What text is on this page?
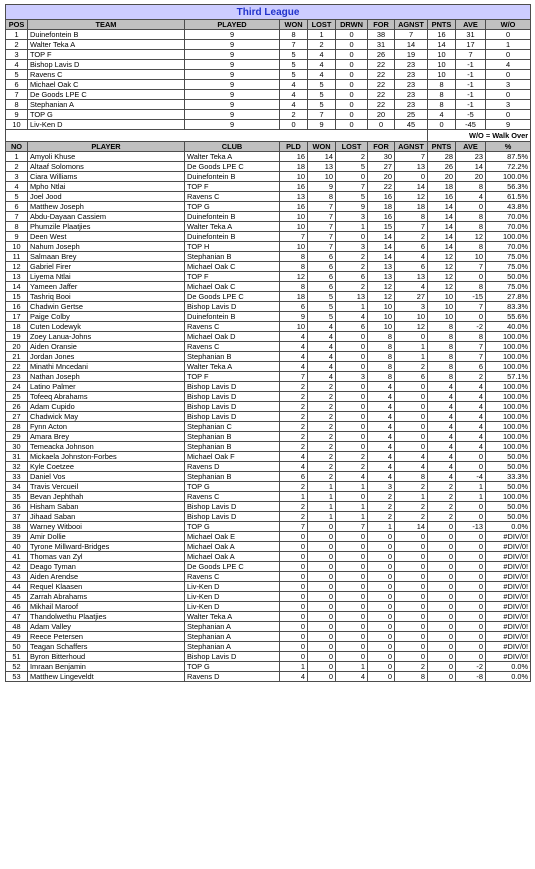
Third League										
POS	TEAM	PLAYED	WON	LOST	DRWN	FOR	AGNST	PNTS	AVE	W/O
1	Duinefontein B	9	8	1	0	38	7	16	31	0
2	Walter Teka A	9	7	2	0	31	14	14	17	1
3	TOP F	9	5	4	0	26	19	10	7	0
4	Bishop Lavis D	9	5	4	0	22	23	10	-1	4
5	Ravens C	9	5	4	0	22	23	10	-1	0
6	Michael Oak C	9	4	5	0	22	23	8	-1	3
7	De Goods LPE C	9	4	5	0	22	23	8	-1	0
8	Stephanian A	9	4	5	0	22	23	8	-1	3
9	TOP G	9	2	7	0	20	25	4	-5	0
10	Liv-Ken D	9	0	9	0	0	45	0	-45	9
								W/O = Walk Over		
NO	PLAYER	CLUB	PLD	WON	LOST	FOR	AGNST	PNTS	AVE	%
1	Amyoli Khuse	Walter Teka A	16	14	2	30	7	28	23	87.5%
2	Altaaf Solomons	De Goods LPE C	18	13	5	27	13	26	14	72.2%
3	Ciara Williams	Duinefontein B	10	10	0	20	0	20	20	100.0%
4	Mpho Ntlai	TOP F	16	9	7	22	14	18	8	56.3%
5	Joel Jood	Ravens C	13	8	5	16	12	16	4	61.5%
6	Matthew Joseph	TOP G	16	7	9	18	18	14	0	43.8%
7	Abdu-Dayaan Cassiem	Duinefontein B	10	7	3	16	8	14	8	70.0%
8	Phumzile Plaatjies	Walter Teka A	10	7	1	15	7	14	8	70.0%
9	Deen West	Duinefontein B	7	7	0	14	2	14	12	100.0%
10	Nahum Joseph	TOP H	10	7	3	14	6	14	8	70.0%
11	Salmaan Brey	Stephanian B	8	6	2	14	4	12	10	75.0%
12	Gabriel Firer	Michael Oak C	8	6	2	13	6	12	7	75.0%
13	Liyema Ntlai	TOP F	12	6	6	13	13	12	0	50.0%
14	Yameen Jaffer	Michael Oak C	8	6	2	12	4	12	8	75.0%
15	Tashriq Booi	De Goods LPE C	18	5	13	12	27	10	-15	27.8%
16	Chadwin Gertse	Bishop Lavis D	6	5	1	10	3	10	7	83.3%
17	Paige Colby	Duinefontein B	9	5	4	10	10	10	0	55.6%
18	Cuten Lodewyk	Ravens C	10	4	6	10	12	8	-2	40.0%
19	Zoey Lanua-Johns	Michael Oak D	4	4	0	8	0	8	8	100.0%
20	Aiden Oransie	Ravens C	4	4	0	8	1	8	7	100.0%
21	Jordan Jones	Stephanian B	4	4	0	8	1	8	7	100.0%
22	Minathi Mncedani	Walter Teka A	4	4	0	8	2	8	6	100.0%
23	Nathan Joseph	TOP F	7	4	3	8	6	8	2	57.1%
24	Latino Palmer	Bishop Lavis D	2	2	0	4	0	4	4	100.0%
25	Tofeeq Abrahams	Bishop Lavis D	2	2	0	4	0	4	4	100.0%
26	Adam Cupido	Bishop Lavis D	2	2	0	4	0	4	4	100.0%
27	Chadwick May	Bishop Lavis D	2	2	0	4	0	4	4	100.0%
28	Fynn Acton	Stephanian C	2	2	0	4	0	4	4	100.0%
29	Amara Brey	Stephanian B	2	2	0	4	0	4	4	100.0%
30	Temeacka Johnson	Stephanian B	2	2	0	4	0	4	4	100.0%
31	Mickaela Johnston-Forbes	Michael Oak F	4	2	2	4	4	4	0	50.0%
32	Kyle Coetzee	Ravens D	4	2	2	4	4	4	0	50.0%
33	Daniel Vos	Stephanian B	6	2	4	4	8	4	-4	33.3%
34	Travis Vercueil	TOP G	2	1	1	3	2	2	1	50.0%
35	Bevan Jephthah	Ravens C	1	1	0	2	1	2	1	100.0%
36	Hisham Saban	Bishop Lavis D	2	1	1	2	2	2	0	50.0%
37	Jihaad Saban	Bishop Lavis D	2	1	1	2	2	2	0	50.0%
38	Warney Witbooi	TOP G	7	0	7	1	14	0	-13	0.0%
39	Amir Dollie	Michael Oak E	0	0	0	0	0	0	0	#DIV/0!
40	Tyrone Millward-Bridges	Michael Oak A	0	0	0	0	0	0	0	#DIV/0!
41	Thomas van Zyl	Michael Oak A	0	0	0	0	0	0	0	#DIV/0!
42	Deago Tyman	De Goods LPE C	0	0	0	0	0	0	0	#DIV/0!
43	Aiden Arendse	Ravens C	0	0	0	0	0	0	0	#DIV/0!
44	Requel Klaasen	Liv-Ken D	0	0	0	0	0	0	0	#DIV/0!
45	Zarrah Abrahams	Liv-Ken D	0	0	0	0	0	0	0	#DIV/0!
46	Mikhail Maroof	Liv-Ken D	0	0	0	0	0	0	0	#DIV/0!
47	Thandolwethu Plaatjies	Walter Teka A	0	0	0	0	0	0	0	#DIV/0!
48	Adam Valley	Stephanian A	0	0	0	0	0	0	0	#DIV/0!
49	Reece Petersen	Stephanian A	0	0	0	0	0	0	0	#DIV/0!
50	Teagan Schaffers	Stephanian A	0	0	0	0	0	0	0	#DIV/0!
51	Byron Bitterhoud	Bishop Lavis D	0	0	0	0	0	0	0	#DIV/0!
52	Imraan Benjamin	TOP G	1	0	1	0	2	0	-2	0.0%
53	Matthew Lingeveldt	Ravens D	4	0	4	0	8	0	-8	0.0%
